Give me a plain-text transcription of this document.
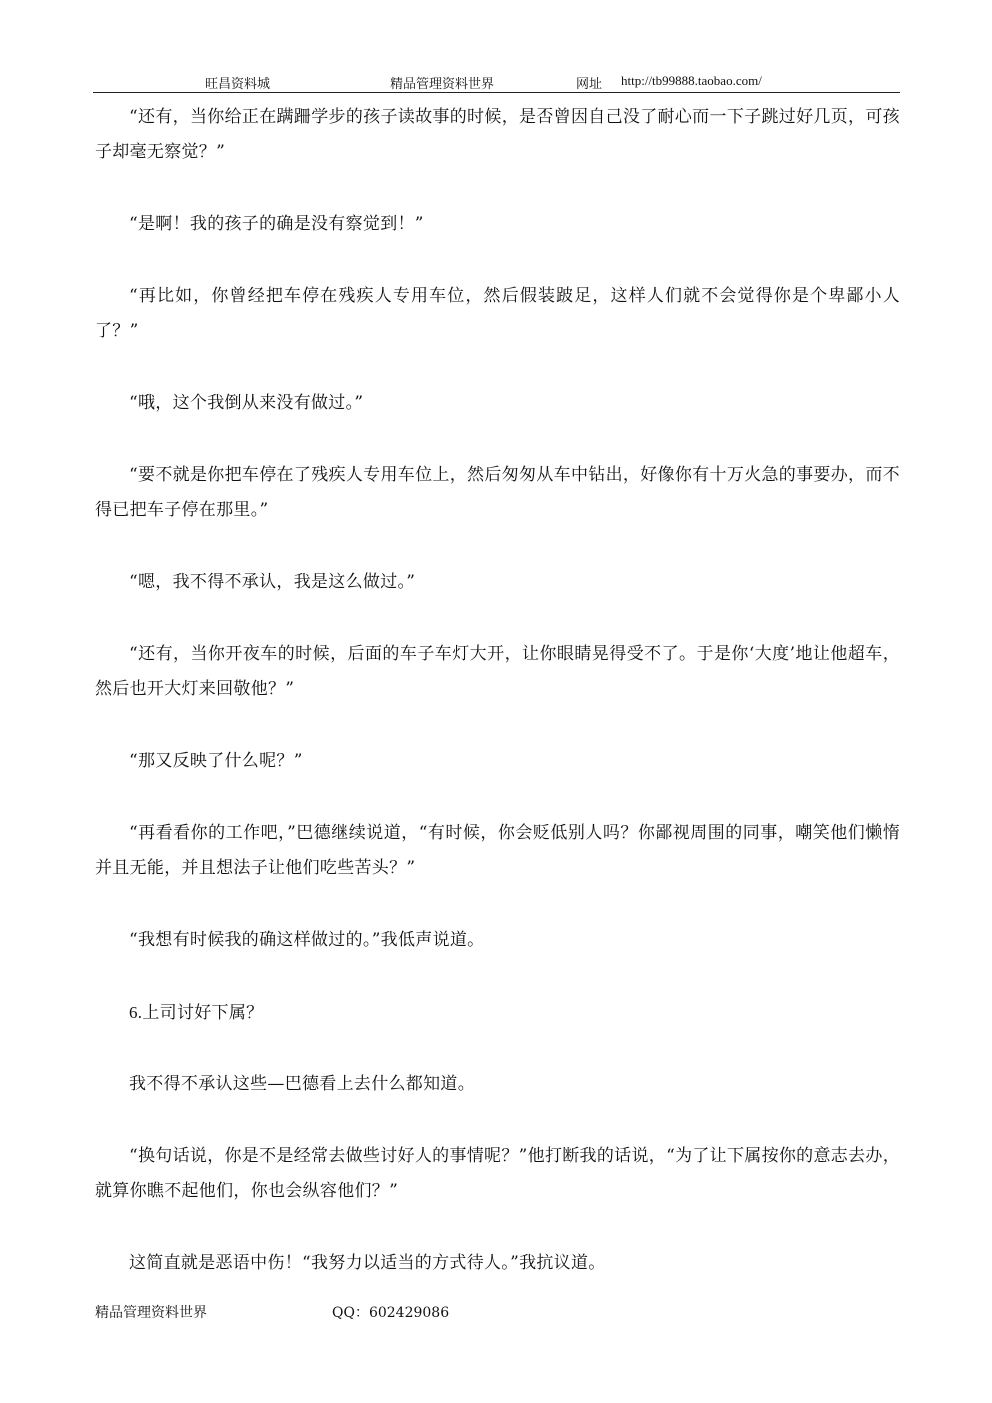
旺昌资料城	精品管理资料世界	网址 http://tb99888.taobao.com/

“还有，当你给正在蹒跚学步的孩子读故事的时候，是否曾因自己没了耐心而一下子跳过好几页，可孩子却毫无察觉？”

“是啊！我的孩子的确是没有察觉到！”

“再比如，你曾经把车停在残疾人专用车位，然后假装跛足，这样人们就不会觉得你是个卑鄙小人了？”

“哦，这个我倒从来没有做过。”

“要不就是你把车停在了残疾人专用车位上，然后匆匆从车中钻出，好像你有十万火急的事要办，而不得已把车子停在那里。”

“嗯，我不得不承认，我是这么做过。”

“还有，当你开夜车的时候，后面的车子车灯大开，让你眼睛晃得受不了。于是你‘大度’地让他超车，然后也开大灯来回敬他？”

“那又反映了什么呢？”

“再看看你的工作吧，”巴德继续说道，“有时候，你会贬低别人吗？你鄙视周围的同事，嘲笑他们懒惰并且无能，并且想法子让他们吃些苦头？”

“我想有时候我的确这样做过的。”我低声说道。

6.上司讨好下属？

我不得不承认这些—巴德看上去什么都知道。

“换句话说，你是不是经常去做些讨好人的事情呢？”他打断我的话说，“为了让下属按你的意志去办，就算你瞧不起他们，你也会纵容他们？”

这简直就是恶语中伤！“我努力以适当的方式待人。”我抗议道。

精品管理资料世界	QQ：602429086
